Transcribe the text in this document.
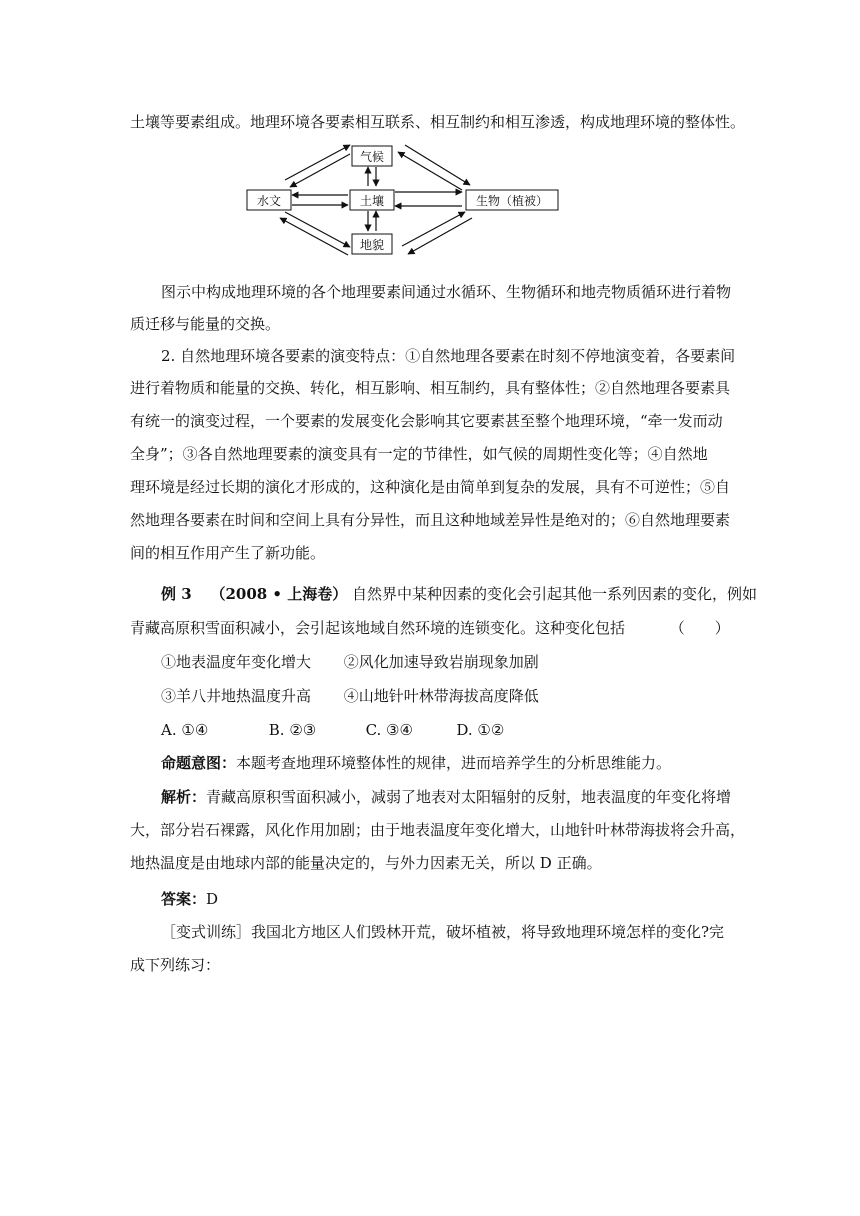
土壤等要素组成。地理环境各要素相互联系、相互制约和相互渗透，构成地理环境的整体性。
气候
水文	土壤	生物（植被）
地貌
图示中构成地理环境的各个地理要素间通过水循环、生物循环和地壳物质循环进行着物
质迁移与能量的交换。
2. 自然地理环境各要素的演变特点：①自然地理各要素在时刻不停地演变着，各要素间
进行着物质和能量的交换、转化，相互影响、相互制约，具有整体性；②自然地理各要素具
有统一的演变过程，一个要素的发展变化会影响其它要素甚至整个地理环境，“牵一发而动
全身”；③各自然地理要素的演变具有一定的节律性，如气候的周期性变化等；④自然地
理环境是经过长期的演化才形成的，这种演化是由简单到复杂的发展，具有不可逆性；⑤自
然地理各要素在时间和空间上具有分异性，而且这种地域差异性是绝对的；⑥自然地理要素
间的相互作用产生了新功能。
例 3 （2008 • 上海卷） 自然界中某种因素的变化会引起其他一系列因素的变化，例如
青藏高原积雪面积减小，会引起该地域自然环境的连锁变化。这种变化包括	（　　）
①地表温度年变化增大 ②风化加速导致岩崩现象加剧
③羊八井地热温度升高 ④山地针叶林带海拔高度降低
A. ①④	B. ②③	C. ③④	D. ①②
命题意图：本题考查地理环境整体性的规律，进而培养学生的分析思维能力。
解析：青藏高原积雪面积减小，减弱了地表对太阳辐射的反射，地表温度的年变化将增
大，部分岩石裸露，风化作用加剧；由于地表温度年变化增大，山地针叶林带海拔将会升高，
地热温度是由地球内部的能量决定的，与外力因素无关，所以 D 正确。
答案：D
［变式训练］我国北方地区人们毁林开荒，破坏植被，将导致地理环境怎样的变化?完
成下列练习：
